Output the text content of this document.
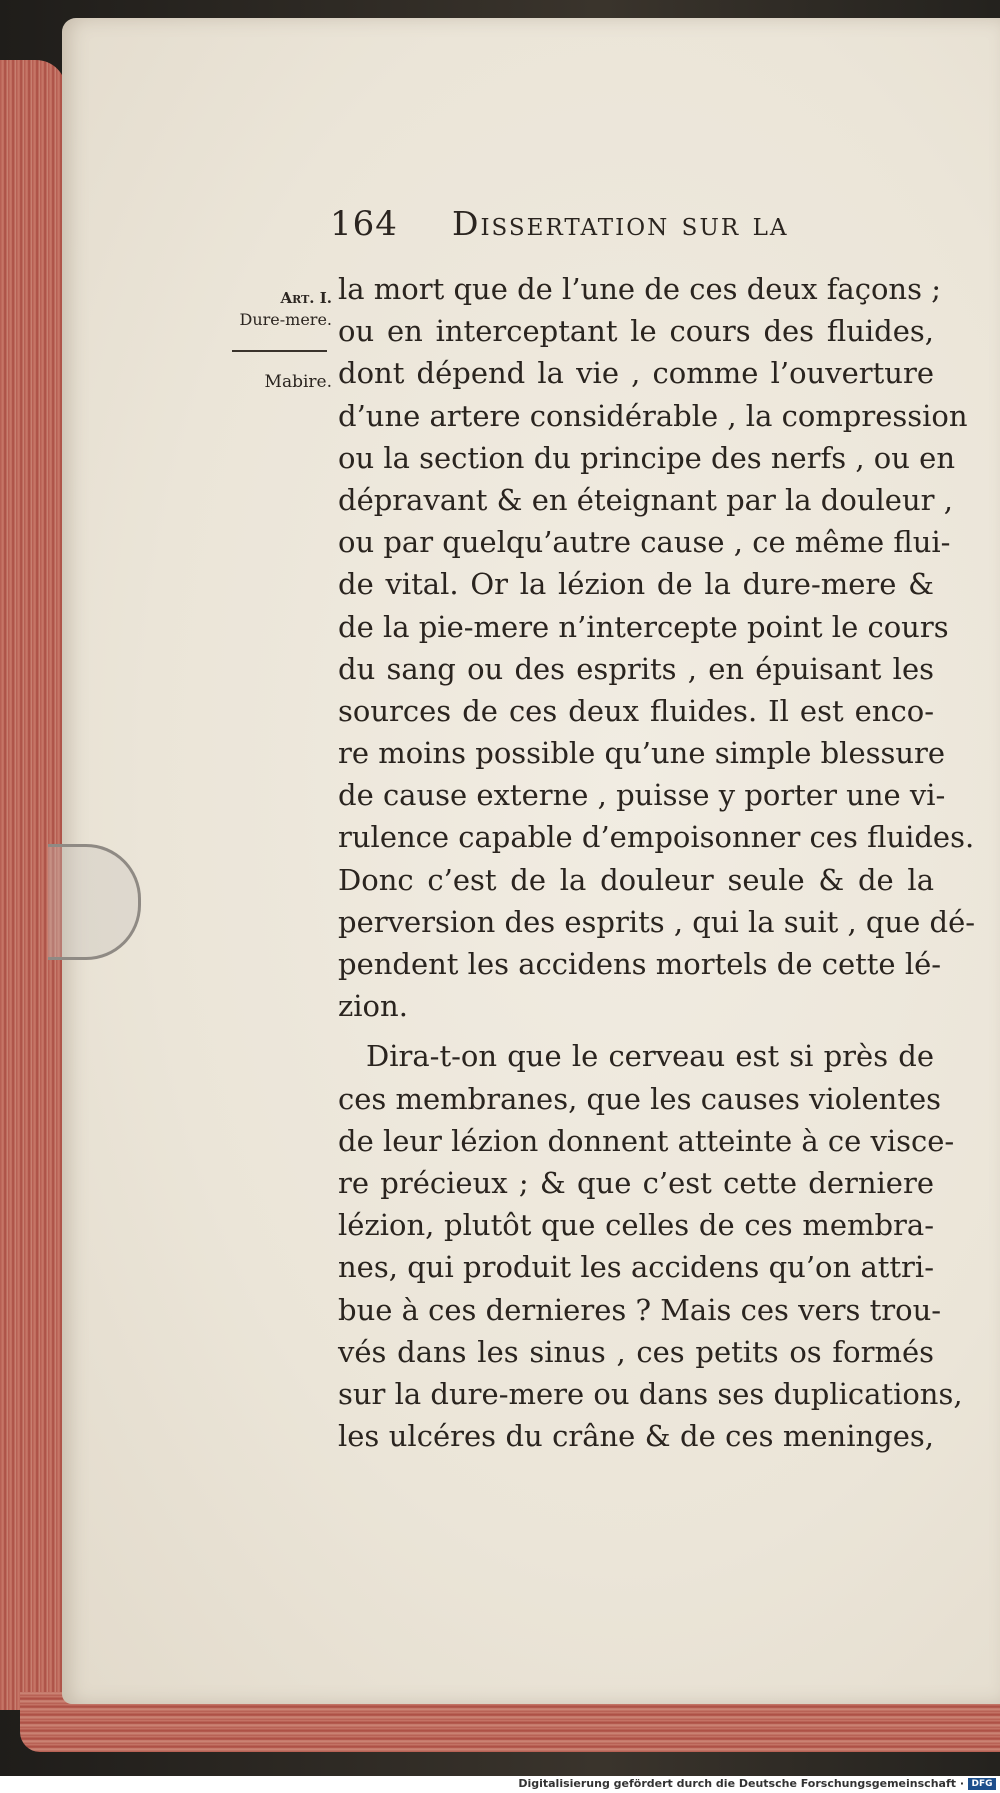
164 Dissertation sur la
Art. I.
Dure-mere.
Mabire.
la mort que de l’une de ces deux façons ;
ou en interceptant le cours des fluides,
dont dépend la vie , comme l’ouverture
d’une artere considérable , la compression
ou la section du principe des nerfs , ou en
dépravant & en éteignant par la douleur ,
ou par quelqu’autre cause , ce même flui-
de vital. Or la lézion de la dure-mere &
de la pie-mere n’intercepte point le cours
du sang ou des esprits , en épuisant les
sources de ces deux fluides. Il est enco-
re moins possible qu’une simple blessure
de cause externe , puisse y porter une vi-
rulence capable d’empoisonner ces fluides.
Donc c’est de la douleur seule & de la
perversion des esprits , qui la suit , que dé-
pendent les accidens mortels de cette lé-
zion.
Dira-t-on que le cerveau est si près de
ces membranes, que les causes violentes
de leur lézion donnent atteinte à ce visce-
re précieux ; & que c’est cette derniere
lézion, plutôt que celles de ces membra-
nes, qui produit les accidens qu’on attri-
bue à ces dernieres ? Mais ces vers trou-
vés dans les sinus , ces petits os formés
sur la dure-mere ou dans ses duplications,
les ulcéres du crâne & de ces meninges,
Digitalisierung gefördert durch die Deutsche Forschungsgemeinschaft · DFG
